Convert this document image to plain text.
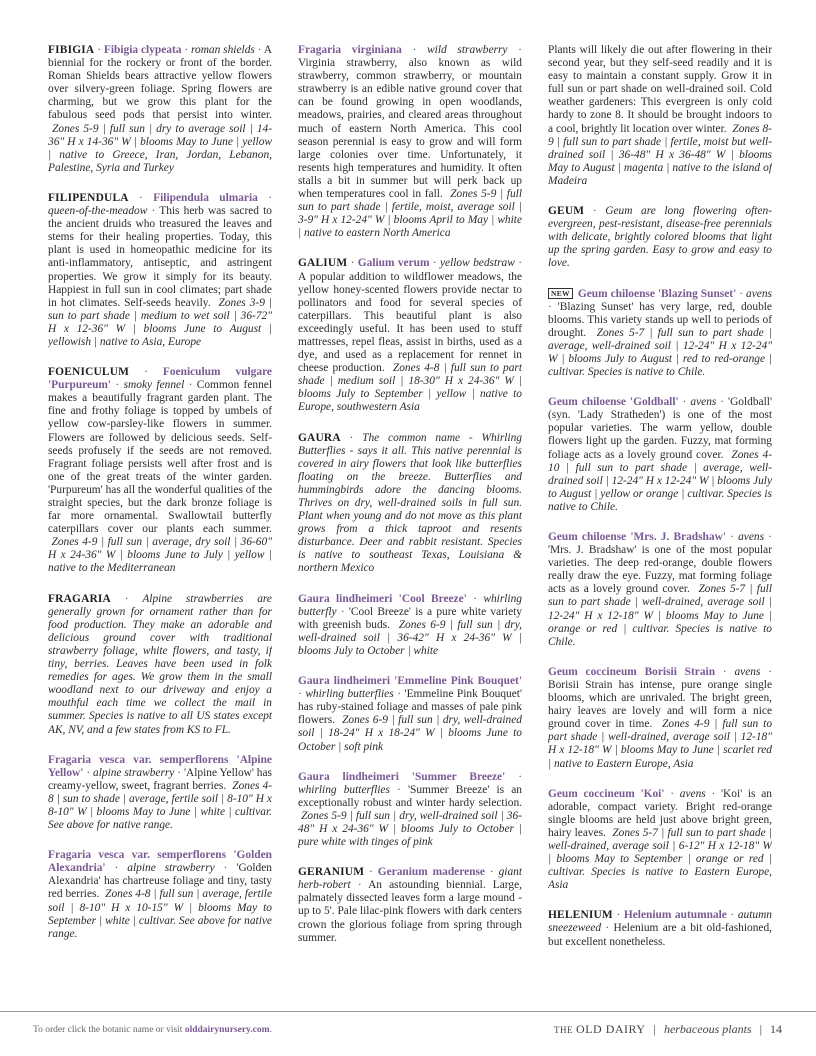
FIBIGIA · Fibigia clypeata · roman shields · A biennial for the rockery or front of the border. Roman Shields bears attractive yellow flowers over silvery-green foliage. Spring flowers are charming, but we grow this plant for the fabulous seed pods that persist into winter.  Zones 5-9 | full sun | dry to average soil | 14-36" H x 14-36" W | blooms May to June | yellow | native to Greece, Iran, Jordan, Lebanon, Palestine, Syria and Turkey

FILIPENDULA · Filipendula ulmaria · queen-of-the-meadow · This herb was sacred to the ancient druids who treasured the leaves and stems for their healing properties. Today, this plant is used in homeopathic medicine for its anti-inflammatory, antiseptic, and astringent properties. We grow it simply for its beauty. Happiest in full sun in cool climates; part shade in hot climates. Self-seeds heavily. Zones 3-9 | sun to part shade | medium to wet soil | 36-72" H x 12-36" W | blooms June to August | yellowish | native to Asia, Europe

FOENICULUM · Foeniculum vulgare 'Purpureum' · smoky fennel · Common fennel makes a beautifully fragrant garden plant. The fine and frothy foliage is topped by umbels of yellow cow-parsley-like flowers in summer. Flowers are followed by delicious seeds. Self-seeds profusely if the seeds are not removed. Fragrant foliage persists well after frost and is one of the great treats of the winter garden. 'Purpureum' has all the wonderful qualities of the straight species, but the dark bronze foliage is far more ornamental. Swallowtail butterfly caterpillars cover our plants each summer.  Zones 4-9 | full sun | average, dry soil | 36-60" H x 24-36" W | blooms June to July | yellow | native to the Mediterranean

FRAGARIA · Alpine strawberries are generally grown for ornament rather than for food production. They make an adorable and delicious ground cover with traditional strawberry foliage, white flowers, and tasty, if tiny, berries. Leaves have been used in folk remedies for ages. We grow them in the small woodland next to our driveway and enjoy a mouthful each time we collect the mail in summer. Species is native to all US states except AK, NV, and a few states from KS to FL.

Fragaria vesca var. semperflorens 'Alpine Yellow' · alpine strawberry · 'Alpine Yellow' has creamy-yellow, sweet, fragrant berries. Zones 4-8 | sun to shade | average, fertile soil | 8-10" H x 8-10" W | blooms May to June | white | cultivar. See above for native range.

Fragaria vesca var. semperflorens 'Golden Alexandria' · alpine strawberry · 'Golden Alexandria' has chartreuse foliage and tiny, tasty red berries. Zones 4-8 | full sun | average, fertile soil | 8-10" H x 10-15" W | blooms May to September | white | cultivar. See above for native range.

Fragaria virginiana · wild strawberry · Virginia strawberry, also known as wild strawberry, common strawberry, or mountain strawberry is an edible native ground cover that can be found growing in open woodlands, meadows, prairies, and cleared areas throughout much of eastern North America. This cool season perennial is easy to grow and will form large colonies over time. Unfortunately, it resents high temperatures and humidity. It often stalls a bit in summer but will perk back up when temperatures cool in fall. Zones 5-9 | full sun to part shade | fertile, moist, average soil | 3-9" H x 12-24" W | blooms April to May | white | native to eastern North America

GALIUM · Galium verum · yellow bedstraw · A popular addition to wildflower meadows, the yellow honey-scented flowers provide nectar to pollinators and food for several species of caterpillars. This beautiful plant is also exceedingly useful. It has been used to stuff mattresses, repel fleas, assist in births, used as a dye, and used as a replacement for rennet in cheese production. Zones 4-8 | full sun to part shade | medium soil | 18-30" H x 24-36" W | blooms July to September | yellow | native to Europe, southwestern Asia

GAURA · The common name - Whirling Butterflies - says it all. This native perennial is covered in airy flowers that look like butterflies floating on the breeze. Butterflies and hummingbirds adore the dancing blooms. Thrives on dry, well-drained soils in full sun. Plant when young and do not move as this plant grows from a thick taproot and resents disturbance. Deer and rabbit resistant. Species is native to southeast Texas, Louisiana & northern Mexico

Gaura lindheimeri 'Cool Breeze' · whirling butterfly · 'Cool Breeze' is a pure white variety with greenish buds. Zones 6-9 | full sun | dry, well-drained soil | 36-42" H x 24-36" W | blooms July to October | white

Gaura lindheimeri 'Emmeline Pink Bouquet' · whirling butterflies · 'Emmeline Pink Bouquet' has ruby-stained foliage and masses of pale pink flowers. Zones 6-9 | full sun | dry, well-drained soil | 18-24" H x 18-24" W | blooms June to October | soft pink

Gaura lindheimeri 'Summer Breeze' · whirling butterflies · 'Summer Breeze' is an exceptionally robust and winter hardy selection.  Zones 5-9 | full sun | dry, well-drained soil | 36-48" H x 24-36" W | blooms July to October | pure white with tinges of pink

GERANIUM · Geranium maderense · giant herb-robert · An astounding biennial. Large, palmately dissected leaves form a large mound - up to 5'. Pale lilac-pink flowers with dark centers crown the glorious foliage from spring through summer.

Plants will likely die out after flowering in their second year, but they self-seed readily and it is easy to maintain a constant supply. Grow it in full sun or part shade on well-drained soil. Cold weather gardeners: This evergreen is only cold hardy to zone 8. It should be brought indoors to a cool, brightly lit location over winter. Zones 8-9 | full sun to part shade | fertile, moist but well-drained soil | 36-48" H x 36-48" W | blooms May to August | magenta | native to the island of Madeira

GEUM · Geum are long flowering often-evergreen, pest-resistant, disease-free perennials with delicate, brightly colored blooms that light up the spring garden. Easy to grow and easy to love.

NEW Geum chiloense 'Blazing Sunset' · avens · 'Blazing Sunset' has very large, red, double blooms. This variety stands up well to periods of drought. Zones 5-7 | full sun to part shade | average, well-drained soil | 12-24" H x 12-24" W | blooms July to August | red to red-orange | cultivar. Species is native to Chile.

Geum chiloense 'Goldball' · avens · 'Goldball' (syn. 'Lady Stratheden') is one of the most popular varieties. The warm yellow, double flowers light up the garden. Fuzzy, mat forming foliage acts as a lovely ground cover. Zones 4-10 | full sun to part shade | average, well-drained soil | 12-24" H x 12-24" W | blooms July to August | yellow or orange | cultivar. Species is native to Chile.

Geum chiloense 'Mrs. J. Bradshaw' · avens · 'Mrs. J. Bradshaw' is one of the most popular varieties. The deep red-orange, double flowers really draw the eye. Fuzzy, mat forming foliage acts as a lovely ground cover. Zones 5-7 | full sun to part shade | well-drained, average soil | 12-24" H x 12-18" W | blooms May to June | orange or red | cultivar. Species is native to Chile.

Geum coccineum Borisii Strain · avens · Borisii Strain has intense, pure orange single blooms, which are unrivaled. The bright green, hairy leaves are lovely and will form a nice ground cover in time. Zones 4-9 | full sun to part shade | well-drained, average soil | 12-18" H x 12-18" W | blooms May to June | scarlet red | native to Eastern Europe, Asia

Geum coccineum 'Koi' · avens · 'Koi' is an adorable, compact variety. Bright red-orange single blooms are held just above bright green, hairy leaves. Zones 5-7 | full sun to part shade | well-drained, average soil | 6-12" H x 12-18" W | blooms May to September | orange or red | cultivar. Species is native to Eastern Europe, Asia

HELENIUM · Helenium autumnale · autumn sneezeweed · Helenium are a bit old-fashioned, but excellent nonetheless.

To order click the botanic name or visit olddairynursery.com.	THE OLD DAIRY | herbaceous plants | 14
